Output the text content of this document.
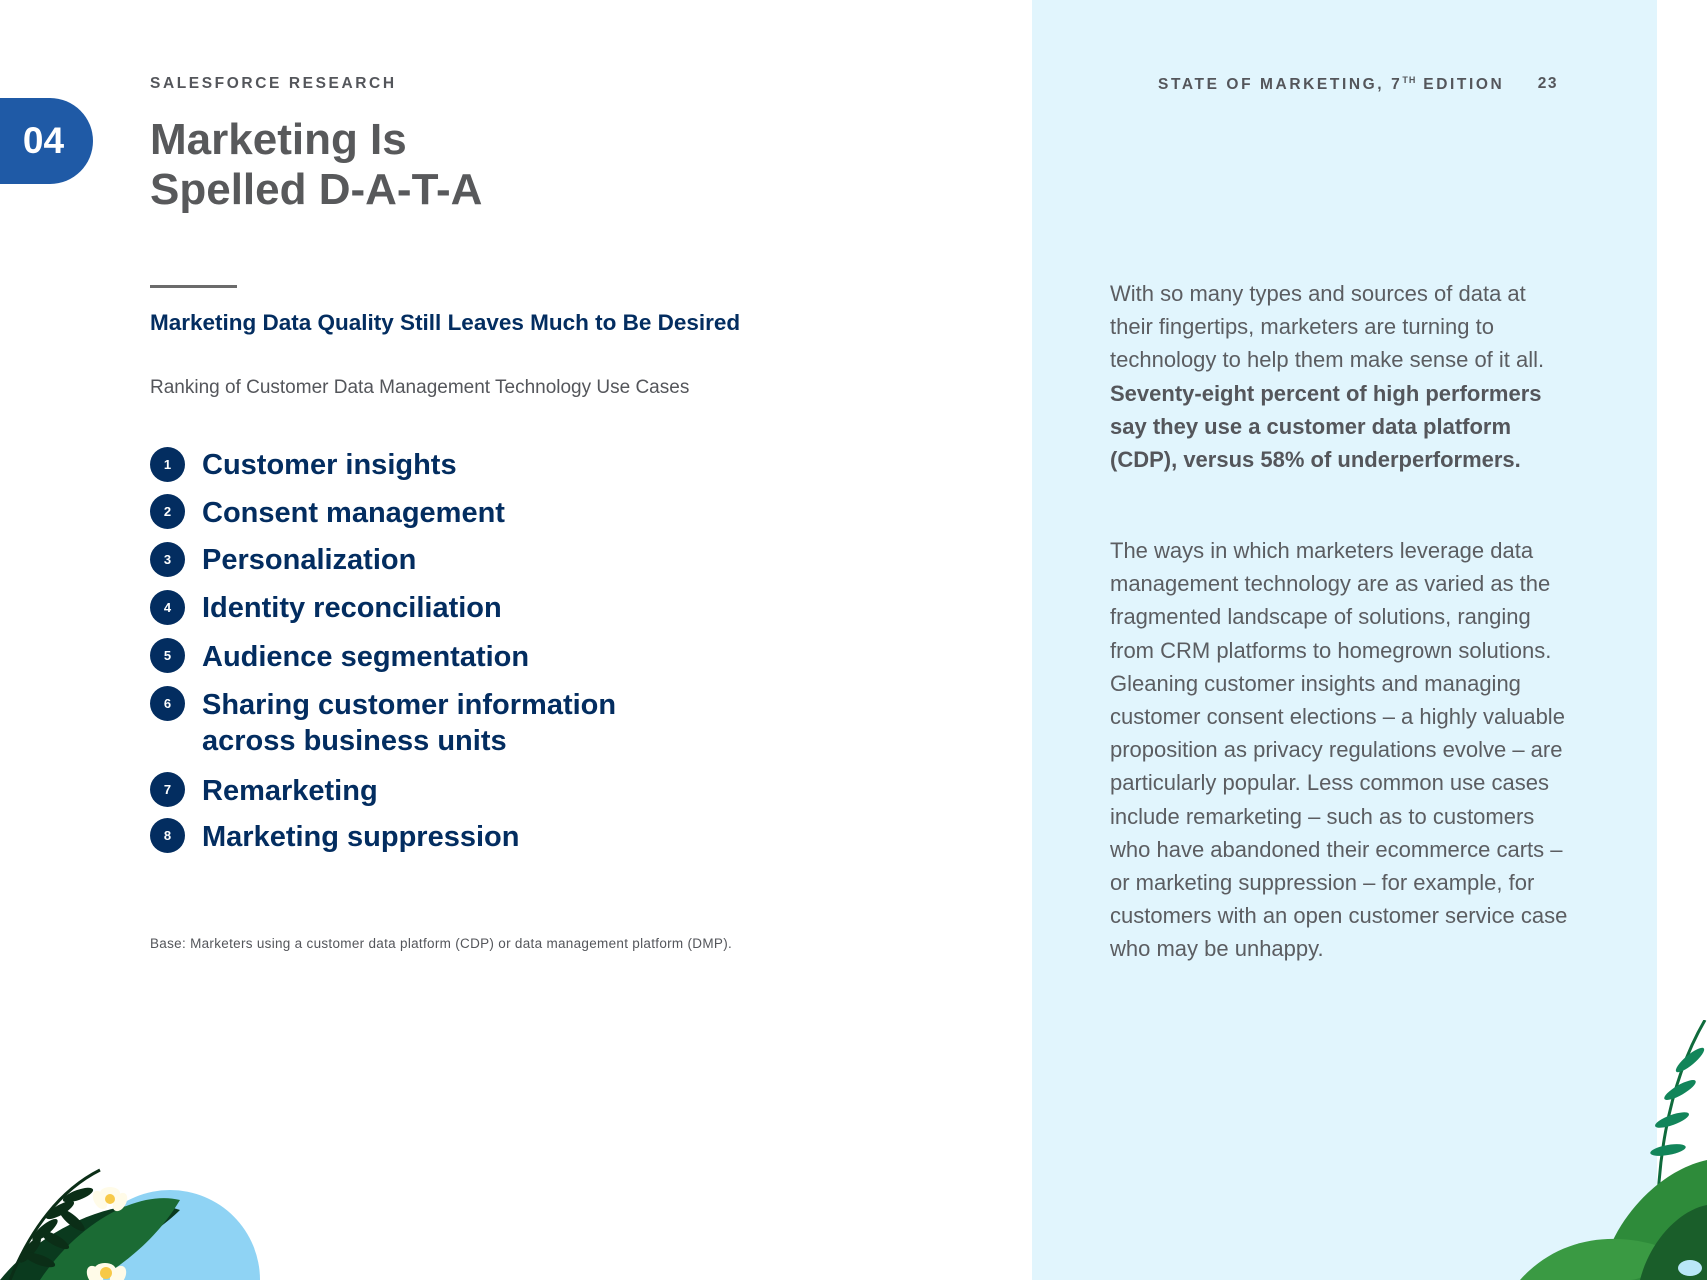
SALESFORCE RESEARCH	STATE OF MARKETING, 7TH EDITION 23

04	Marketing Is
Spelled D-A-T-A
Marketing Data Quality Still Leaves Much to Be Desired

Ranking of Customer Data Management Technology Use Cases

1	Customer insights

2	Consent management

3	Personalization

4	Identity reconciliation

5	Audience segmentation

6	Sharing customer information
across business units

7	Remarketing

8	Marketing suppression

Base: Marketers using a customer data platform (CDP) or data management platform (DMP).

With so many types and sources of data at their fingertips, marketers are turning to technology to help them make sense of it all. Seventy-eight percent of high performers say they use a customer data platform (CDP), versus 58% of underperformers.

The ways in which marketers leverage data management technology are as varied as the fragmented landscape of solutions, ranging from CRM platforms to homegrown solutions. Gleaning customer insights and managing customer consent elections – a highly valuable proposition as privacy regulations evolve – are particularly popular. Less common use cases include remarketing – such as to customers who have abandoned their ecommerce carts – or marketing suppression – for example, for customers with an open customer service case who may be unhappy.
